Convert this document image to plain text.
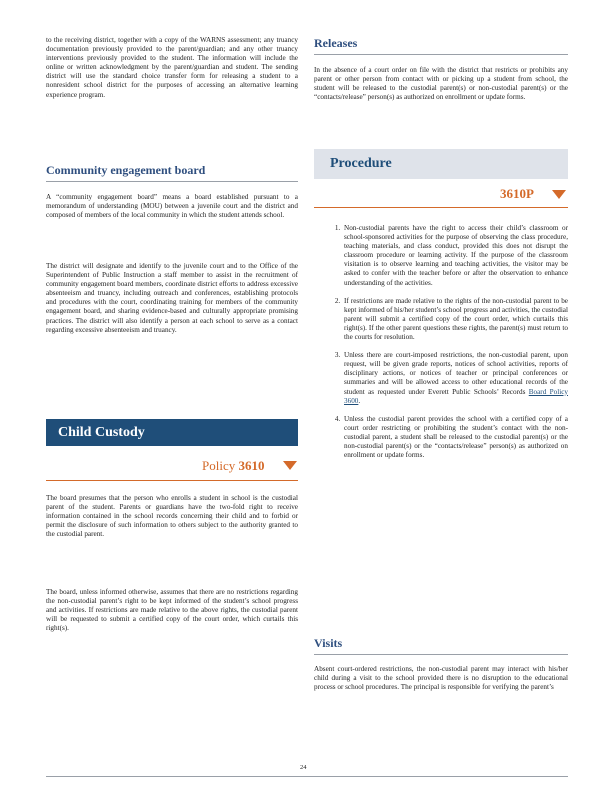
to the receiving district, together with a copy of the WARNS assessment; any truancy documentation previously provided to the parent/guardian; and any other truancy interventions previously provided to the student. The information will include the online or written acknowledgment by the parent/guardian and student. The sending district will use the standard choice transfer form for releasing a student to a nonresident school district for the purposes of accessing an alternative learning experience program.

Community engagement board

A “community engagement board” means a board established pursuant to a memorandum of understanding (MOU) between a juvenile court and the district and composed of members of the local community in which the student attends school.

The district will designate and identify to the juvenile court and to the Office of the Superintendent of Public Instruction a staff member to assist in the recruitment of community engagement board members, coordinate district efforts to address excessive absenteeism and truancy, including outreach and conferences, establishing protocols and procedures with the court, coordinating training for members of the community engagement board, and sharing evidence-based and culturally appropriate promising practices. The district will also identify a person at each school to serve as a contact regarding excessive absenteeism and truancy.

Child Custody
Policy 3610

The board presumes that the person who enrolls a student in school is the custodial parent of the student. Parents or guardians have the two-fold right to receive information contained in the school records concerning their child and to forbid or permit the disclosure of such information to others subject to the authority granted to the custodial parent.

The board, unless informed otherwise, assumes that there are no restrictions regarding the non-custodial parent’s right to be kept informed of the student’s school progress and activities. If restrictions are made relative to the above rights, the custodial parent will be requested to submit a certified copy of the court order, which curtails this right(s).

Releases

In the absence of a court order on file with the district that restricts or prohibits any parent or other person from contact with or picking up a student from school, the student will be released to the custodial parent(s) or non-custodial parent(s) or the “contacts/release” person(s) as authorized on enrollment or update forms.

Procedure
3610P
1. Non-custodial parents have the right to access their child’s classroom or school-sponsored activities for the purpose of observing the class procedure, teaching materials, and class conduct, provided this does not disrupt the classroom procedure or learning activity. If the purpose of the classroom visitation is to observe learning and teaching activities, the visitor may be asked to confer with the teacher before or after the observation to enhance understanding of the activities.
2. If restrictions are made relative to the rights of the non-custodial parent to be kept informed of his/her student’s school progress and activities, the custodial parent will submit a certified copy of the court order, which curtails this right(s). If the other parent questions these rights, the parent(s) must return to the courts for resolution.
3. Unless there are court-imposed restrictions, the non-custodial parent, upon request, will be given grade reports, notices of school activities, reports of disciplinary actions, or notices of teacher or principal conferences or summaries and will be allowed access to other educational records of the student as requested under Everett Public Schools’ Records Board Policy 3600.
4. Unless the custodial parent provides the school with a certified copy of a court order restricting or prohibiting the student’s contact with the non-custodial parent, a student shall be released to the custodial parent(s) or the non-custodial parent(s) or the “contacts/release” person(s) as authorized on enrollment or update forms.
Visits

Absent court-ordered restrictions, the non-custodial parent may interact with his/her child during a visit to the school provided there is no disruption to the educational process or school procedures. The principal is responsible for verifying the parent’s

24
